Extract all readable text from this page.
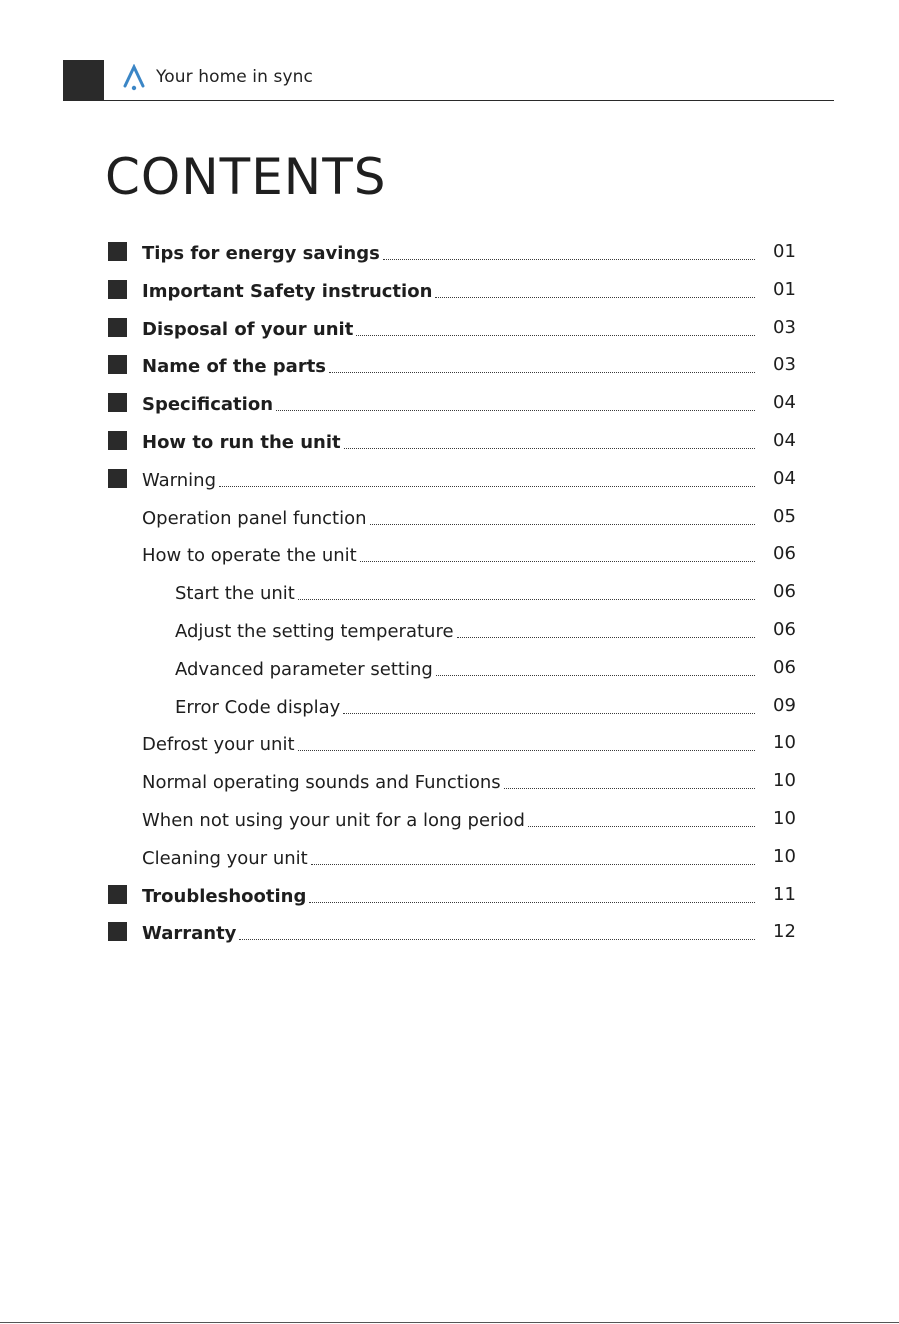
Your home in sync
CONTENTS
Tips for energy savings	01
Important Safety instruction	01
Disposal of your unit	03
Name of the parts	03
Specification	04
How to run the unit	04
Warning	04
Operation panel function	05
How to operate the unit	06
Start the unit	06
Adjust the setting temperature	06
Advanced parameter setting	06
Error Code display	09
Defrost your unit	10
Normal operating sounds and Functions	10
When not using your unit for a long period	10
Cleaning your unit	10
Troubleshooting	11
Warranty	12
